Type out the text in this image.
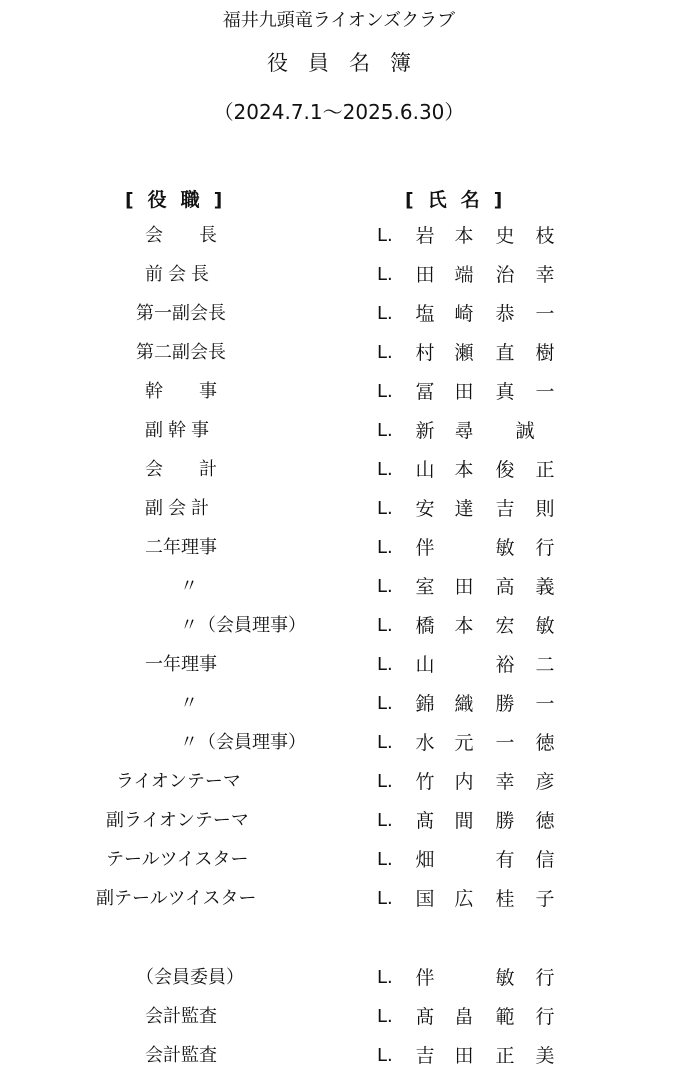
福井九頭竜ライオンズクラブ
役員名簿
（2024.7.1～2025.6.30）
[役職]	[氏名]
会　　長	L. 岩 本 史 枝
前会長	L. 田 端 治 幸
第一副会長	L. 塩 崎 恭 一
第二副会長	L. 村 瀬 直 樹
幹　　事	L. 冨 田 真 一
副幹事	L. 新 尋 誠
会　　計	L. 山 本 俊 正
副会計	L. 安 達 吉 則
二年理事	L. 伴	敏 行
〃	L. 室 田 高 義
〃（会員理事）	L. 橋 本 宏 敏
一年理事	L. 山	裕 二
〃	L. 錦 織 勝 一
〃（会員理事）	L. 水 元 一 徳
ライオンテーマ	L. 竹 内 幸 彦
副ライオンテーマ	L. 髙 間 勝 徳
テールツイスター	L. 畑	有 信
副テールツイスター	L. 国 広 桂 子
（会員委員）	L. 伴	敏 行
会計監査	L. 髙 畠 範 行
会計監査	L. 吉 田 正 美
